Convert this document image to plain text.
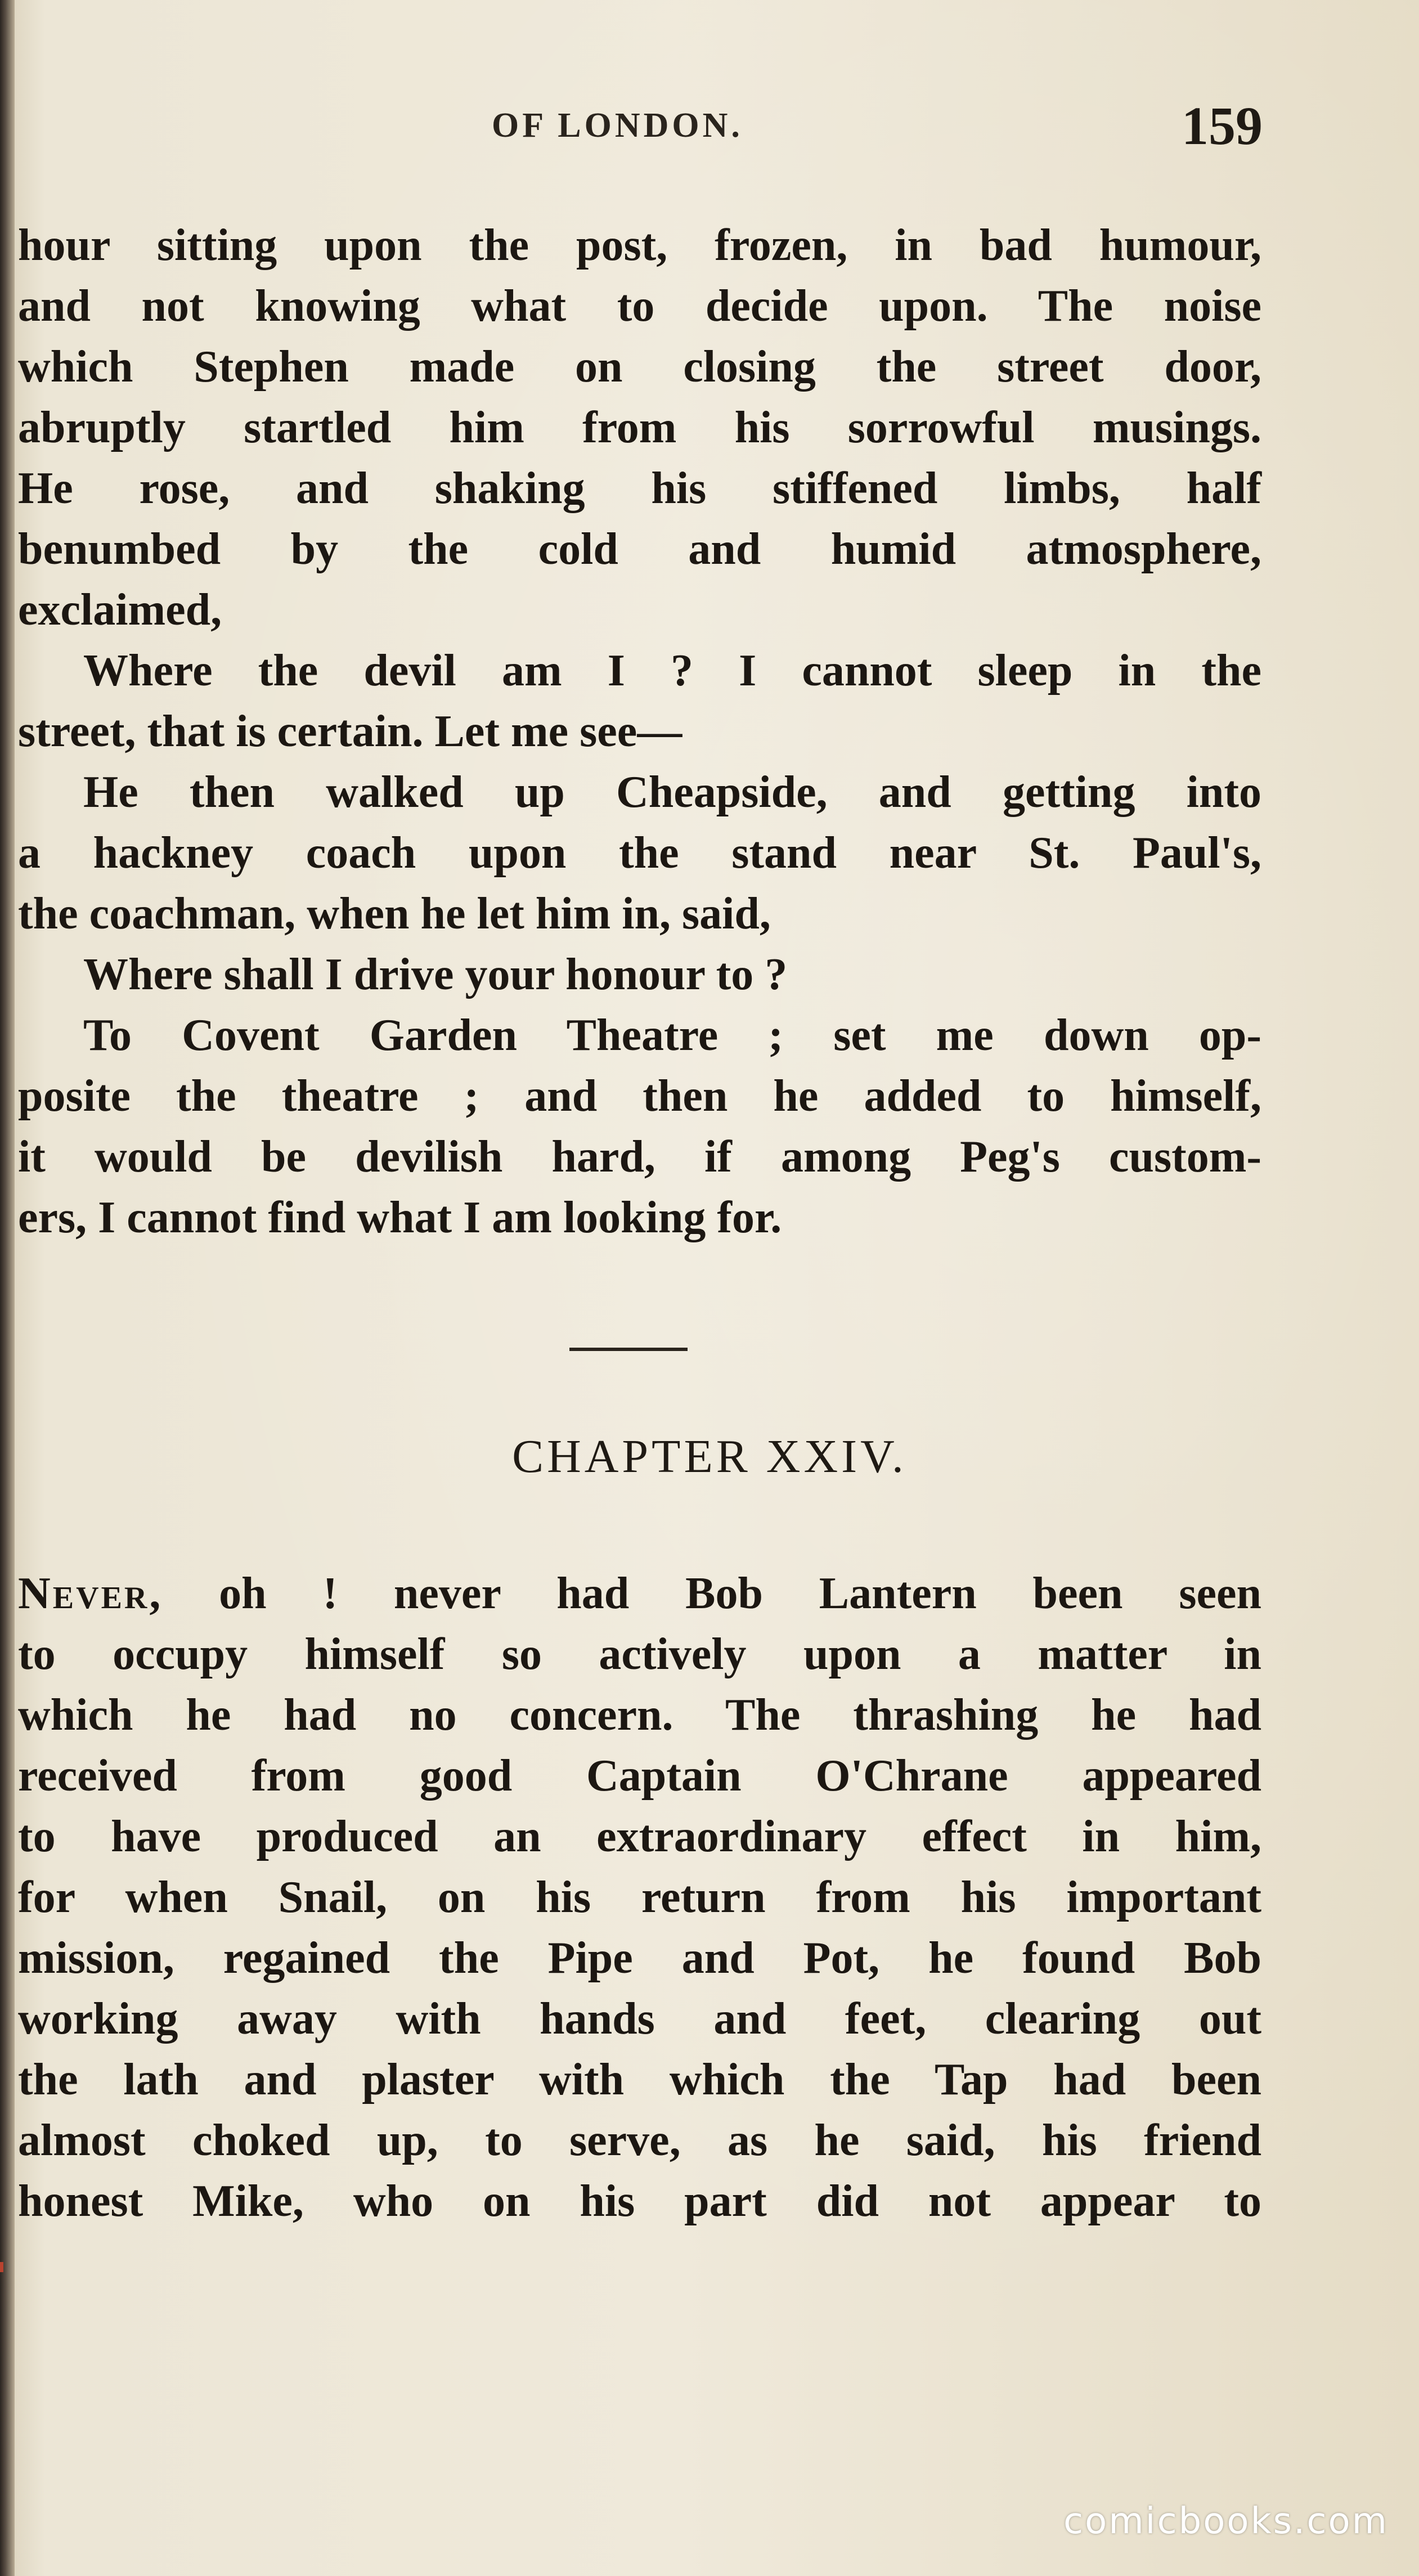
OF LONDON.	159
hour sitting upon the post, frozen, in bad humour,
and not knowing what to decide upon. The noise
which Stephen made on closing the street door,
abruptly startled him from his sorrowful musings.
He rose, and shaking his stiffened limbs, half
benumbed by the cold and humid atmosphere,
exclaimed,
Where the devil am I ? I cannot sleep in the
street, that is certain. Let me see—
He then walked up Cheapside, and getting into
a hackney coach upon the stand near St. Paul's,
the coachman, when he let him in, said,
Where shall I drive your honour to ?
To Covent Garden Theatre ; set me down op-
posite the theatre ; and then he added to himself,
it would be devilish hard, if among Peg's custom-
ers, I cannot find what I am looking for.
CHAPTER XXIV.
Never, oh ! never had Bob Lantern been seen
to occupy himself so actively upon a matter in
which he had no concern. The thrashing he had
received from good Captain O'Chrane appeared
to have produced an extraordinary effect in him,
for when Snail, on his return from his important
mission, regained the Pipe and Pot, he found Bob
working away with hands and feet, clearing out
the lath and plaster with which the Tap had been
almost choked up, to serve, as he said, his friend
honest Mike, who on his part did not appear to
comicbooks.com
